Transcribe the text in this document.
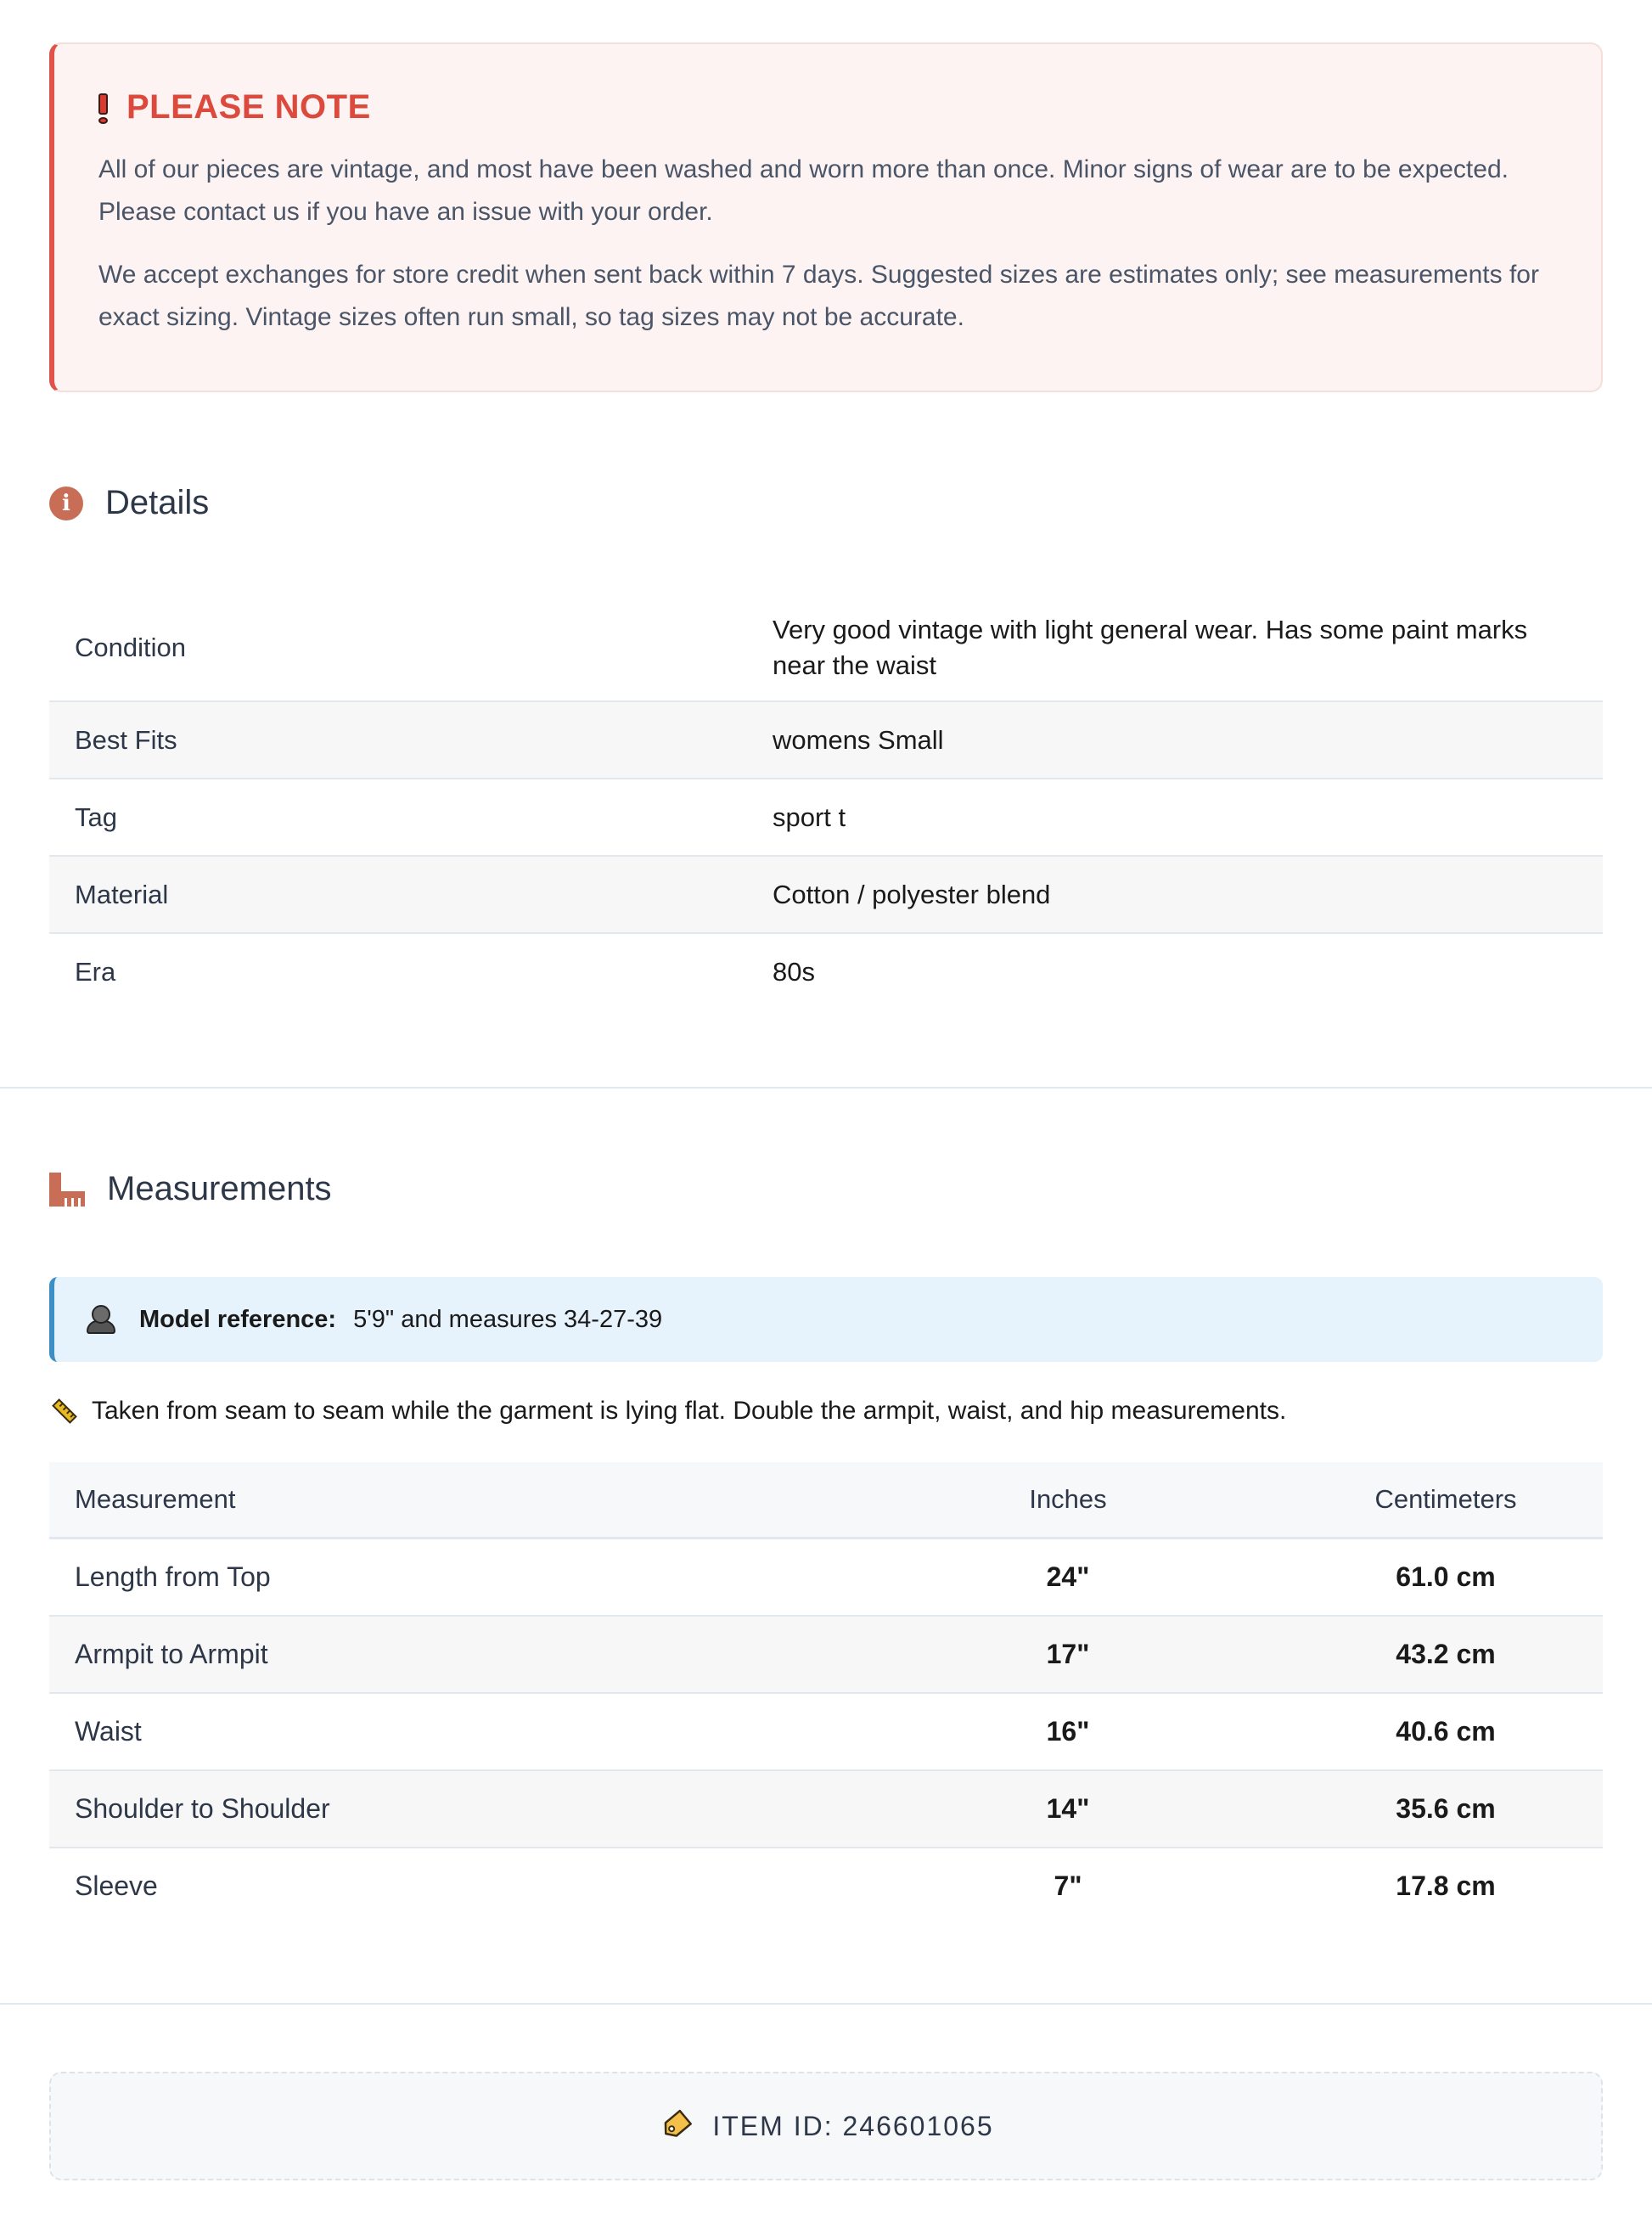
PLEASE NOTE

All of our pieces are vintage, and most have been washed and worn more than once. Minor signs of wear are to be expected. Please contact us if you have an issue with your order.

We accept exchanges for store credit when sent back within 7 days. Suggested sizes are estimates only; see measurements for exact sizing. Vintage sizes often run small, so tag sizes may not be accurate.

i	Details
Condition	Very good vintage with light general wear. Has some paint marks near the waist
Best Fits	womens Small
Tag	sport t
Material	Cotton / polyester blend
Era	80s
Measurements
Model reference: 5'9" and measures 34-27-39
Taken from seam to seam while the garment is lying flat. Double the armpit, waist, and hip measurements.
Measurement	Inches	Centimeters
Length from Top	24"	61.0 cm
Armpit to Armpit	17"	43.2 cm
Waist	16"	40.6 cm
Shoulder to Shoulder	14"	35.6 cm
Sleeve	7"	17.8 cm
ITEM ID: 246601065
